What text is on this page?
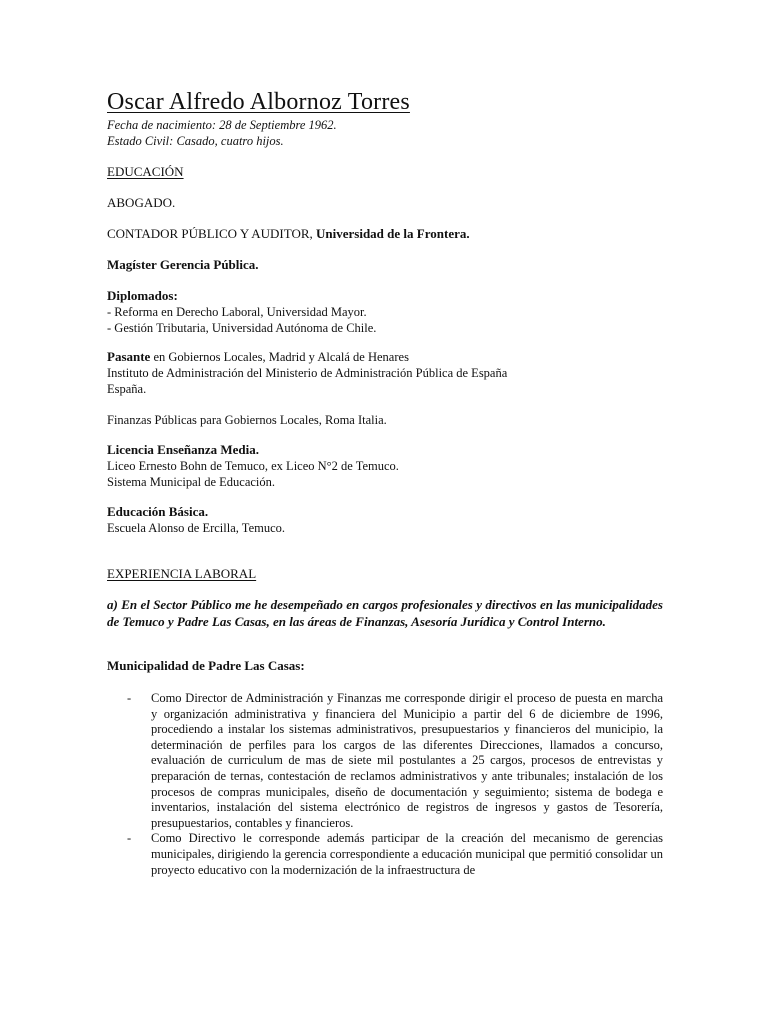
Oscar Alfredo Albornoz Torres
Fecha de nacimiento: 28 de Septiembre 1962.
Estado Civil: Casado, cuatro hijos.
EDUCACIÓN
ABOGADO.
CONTADOR PÚBLICO Y AUDITOR, Universidad de la Frontera.
Magíster Gerencia Pública.
Diplomados:
- Reforma en Derecho Laboral, Universidad Mayor.
- Gestión Tributaria, Universidad Autónoma de Chile.
Pasante en Gobiernos Locales, Madrid y Alcalá de Henares
Instituto de Administración del Ministerio de Administración Pública de España
España.
Finanzas Públicas para Gobiernos Locales, Roma Italia.
Licencia Enseñanza Media.
Liceo Ernesto Bohn de Temuco, ex Liceo N°2 de Temuco.
Sistema Municipal de Educación.
Educación Básica.
Escuela Alonso de Ercilla, Temuco.
EXPERIENCIA LABORAL
a) En el Sector Público me he desempeñado en cargos profesionales y directivos en las municipalidades de Temuco y Padre Las Casas, en las áreas de Finanzas, Asesoría Jurídica y Control Interno.
Municipalidad de Padre Las Casas:
-	Como Director de Administración y Finanzas me corresponde dirigir el proceso de puesta en marcha y organización administrativa y financiera del Municipio a partir del 6 de diciembre de 1996, procediendo a instalar los sistemas administrativos, presupuestarios y financieros del municipio, la determinación de perfiles para los cargos de las diferentes Direcciones, llamados a concurso, evaluación de curriculum de mas de siete mil postulantes a 25 cargos, procesos de entrevistas y preparación de ternas, contestación de reclamos administrativos y ante tribunales; instalación de los procesos de compras municipales, diseño de documentación y seguimiento; sistema de bodega e inventarios, instalación del sistema electrónico de registros de ingresos y gastos de Tesorería, presupuestarios, contables y financieros.
-	Como Directivo le corresponde además participar de la creación del mecanismo de gerencias municipales, dirigiendo la gerencia correspondiente a educación municipal que permitió consolidar un proyecto educativo con la modernización de la infraestructura de
